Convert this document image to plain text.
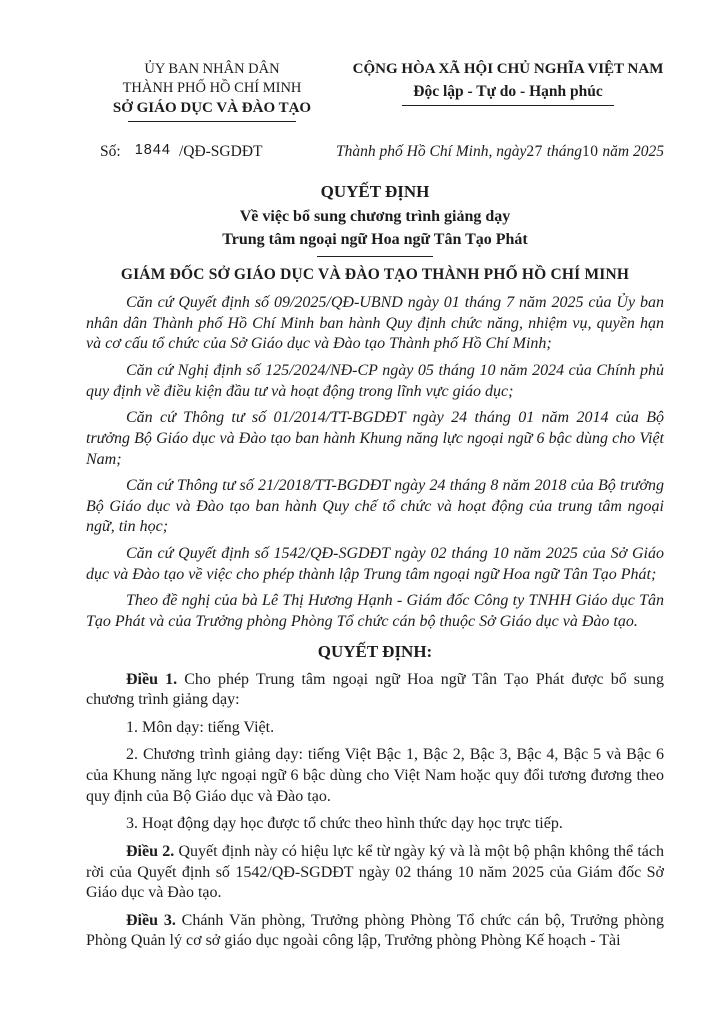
ỦY BAN NHÂN DÂN
THÀNH PHỐ HỒ CHÍ MINH
SỞ GIÁO DỤC VÀ ĐÀO TẠO
CỘNG HÒA XÃ HỘI CHỦ NGHĨA VIỆT NAM
Độc lập - Tự do - Hạnh phúc
Số: 1844 /QĐ-SGDĐT	Thành phố Hồ Chí Minh, ngày27 tháng10 năm 2025
QUYẾT ĐỊNH
Về việc bổ sung chương trình giảng dạy
Trung tâm ngoại ngữ Hoa ngữ Tân Tạo Phát
GIÁM ĐỐC SỞ GIÁO DỤC VÀ ĐÀO TẠO THÀNH PHỐ HỒ CHÍ MINH

Căn cứ Quyết định số 09/2025/QĐ-UBND ngày 01 tháng 7 năm 2025 của Ủy ban nhân dân Thành phố Hồ Chí Minh ban hành Quy định chức năng, nhiệm vụ, quyền hạn và cơ cấu tổ chức của Sở Giáo dục và Đào tạo Thành phố Hồ Chí Minh;

Căn cứ Nghị định số 125/2024/NĐ-CP ngày 05 tháng 10 năm 2024 của Chính phủ quy định về điều kiện đầu tư và hoạt động trong lĩnh vực giáo dục;

Căn cứ Thông tư số 01/2014/TT-BGDĐT ngày 24 tháng 01 năm 2014 của Bộ trưởng Bộ Giáo dục và Đào tạo ban hành Khung năng lực ngoại ngữ 6 bậc dùng cho Việt Nam;

Căn cứ Thông tư số 21/2018/TT-BGDĐT ngày 24 tháng 8 năm 2018 của Bộ trưởng Bộ Giáo dục và Đào tạo ban hành Quy chế tổ chức và hoạt động của trung tâm ngoại ngữ, tin học;

Căn cứ Quyết định số 1542/QĐ-SGDĐT ngày 02 tháng 10 năm 2025 của Sở Giáo dục và Đào tạo về việc cho phép thành lập Trung tâm ngoại ngữ Hoa ngữ Tân Tạo Phát;

Theo đề nghị của bà Lê Thị Hương Hạnh - Giám đốc Công ty TNHH Giáo dục Tân Tạo Phát và của Trưởng phòng Phòng Tổ chức cán bộ thuộc Sở Giáo dục và Đào tạo.

QUYẾT ĐỊNH:

Điều 1. Cho phép Trung tâm ngoại ngữ Hoa ngữ Tân Tạo Phát được bổ sung chương trình giảng dạy:

1. Môn dạy: tiếng Việt.

2. Chương trình giảng dạy: tiếng Việt Bậc 1, Bậc 2, Bậc 3, Bậc 4, Bậc 5 và Bậc 6 của Khung năng lực ngoại ngữ 6 bậc dùng cho Việt Nam hoặc quy đổi tương đương theo quy định của Bộ Giáo dục và Đào tạo.

3. Hoạt động dạy học được tổ chức theo hình thức dạy học trực tiếp.

Điều 2. Quyết định này có hiệu lực kể từ ngày ký và là một bộ phận không thể tách rời của Quyết định số 1542/QĐ-SGDĐT ngày 02 tháng 10 năm 2025 của Giám đốc Sở Giáo dục và Đào tạo.

Điều 3. Chánh Văn phòng, Trưởng phòng Phòng Tổ chức cán bộ, Trưởng phòng Phòng Quản lý cơ sở giáo dục ngoài công lập, Trưởng phòng Phòng Kế hoạch - Tài
